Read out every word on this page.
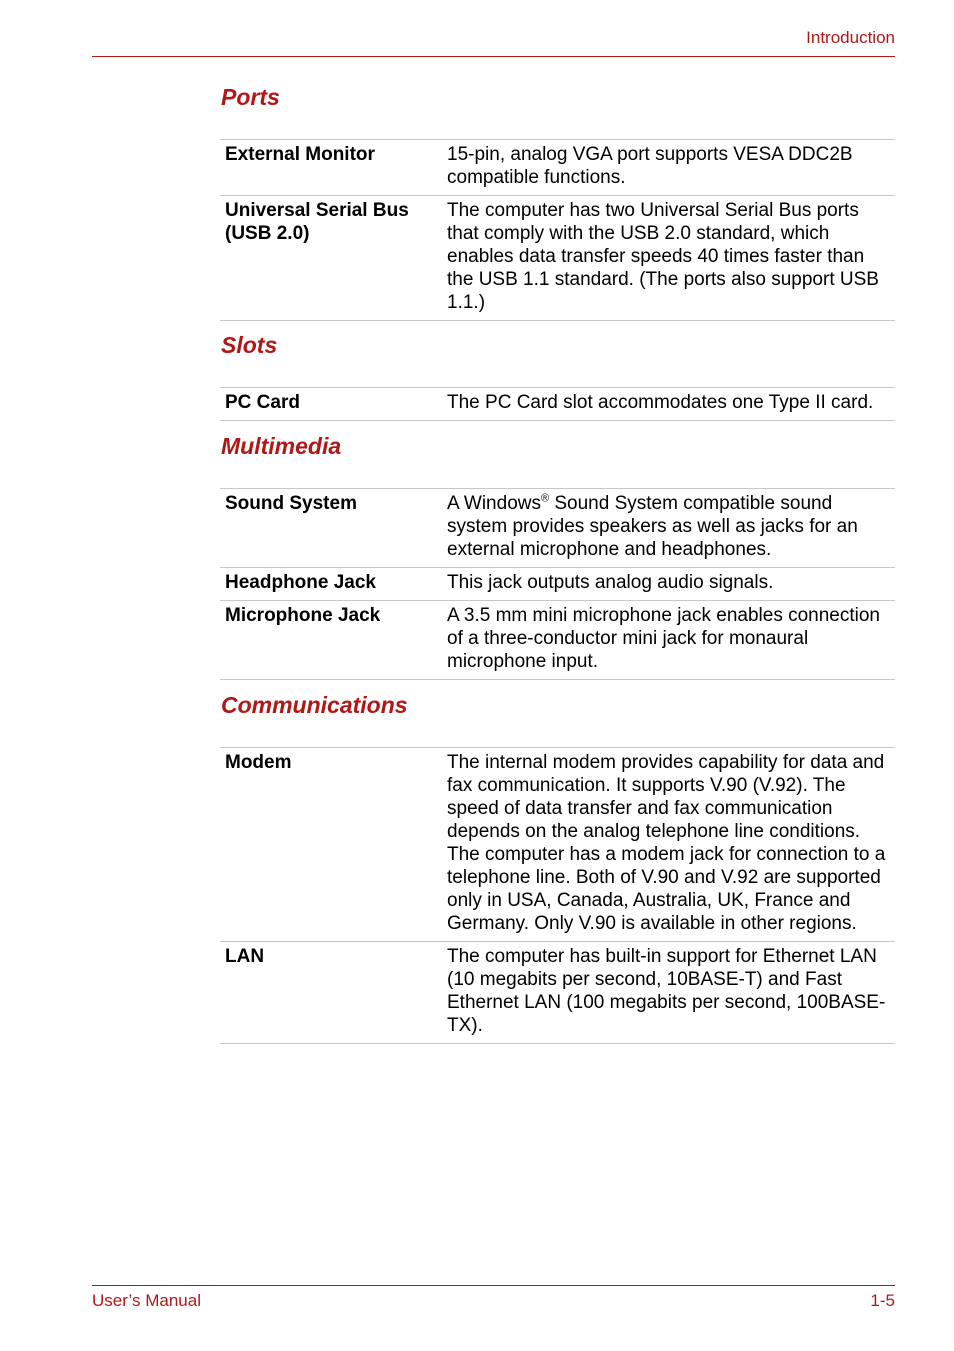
Introduction
Ports
External Monitor	15-pin, analog VGA port supports VESA DDC2B compatible functions.
Universal Serial Bus (USB 2.0)	The computer has two Universal Serial Bus ports that comply with the USB 2.0 standard, which enables data transfer speeds 40 times faster than the USB 1.1 standard. (The ports also support USB 1.1.)
Slots
PC Card	The PC Card slot accommodates one Type II card.
Multimedia
Sound System	A Windows® Sound System compatible sound system provides speakers as well as jacks for an external microphone and headphones.
Headphone Jack	This jack outputs analog audio signals.
Microphone Jack	A 3.5 mm mini microphone jack enables connection of a three-conductor mini jack for monaural microphone input.
Communications
Modem	The internal modem provides capability for data and fax communication. It supports V.90 (V.92). The speed of data transfer and fax communication depends on the analog telephone line conditions. The computer has a modem jack for connection to a telephone line. Both of V.90 and V.92 are supported only in USA, Canada, Australia, UK, France and Germany. Only V.90 is available in other regions.
LAN	The computer has built-in support for Ethernet LAN (10 megabits per second, 10BASE-T) and Fast Ethernet LAN (100 megabits per second, 100BASE-TX).
User’s Manual	1-5
